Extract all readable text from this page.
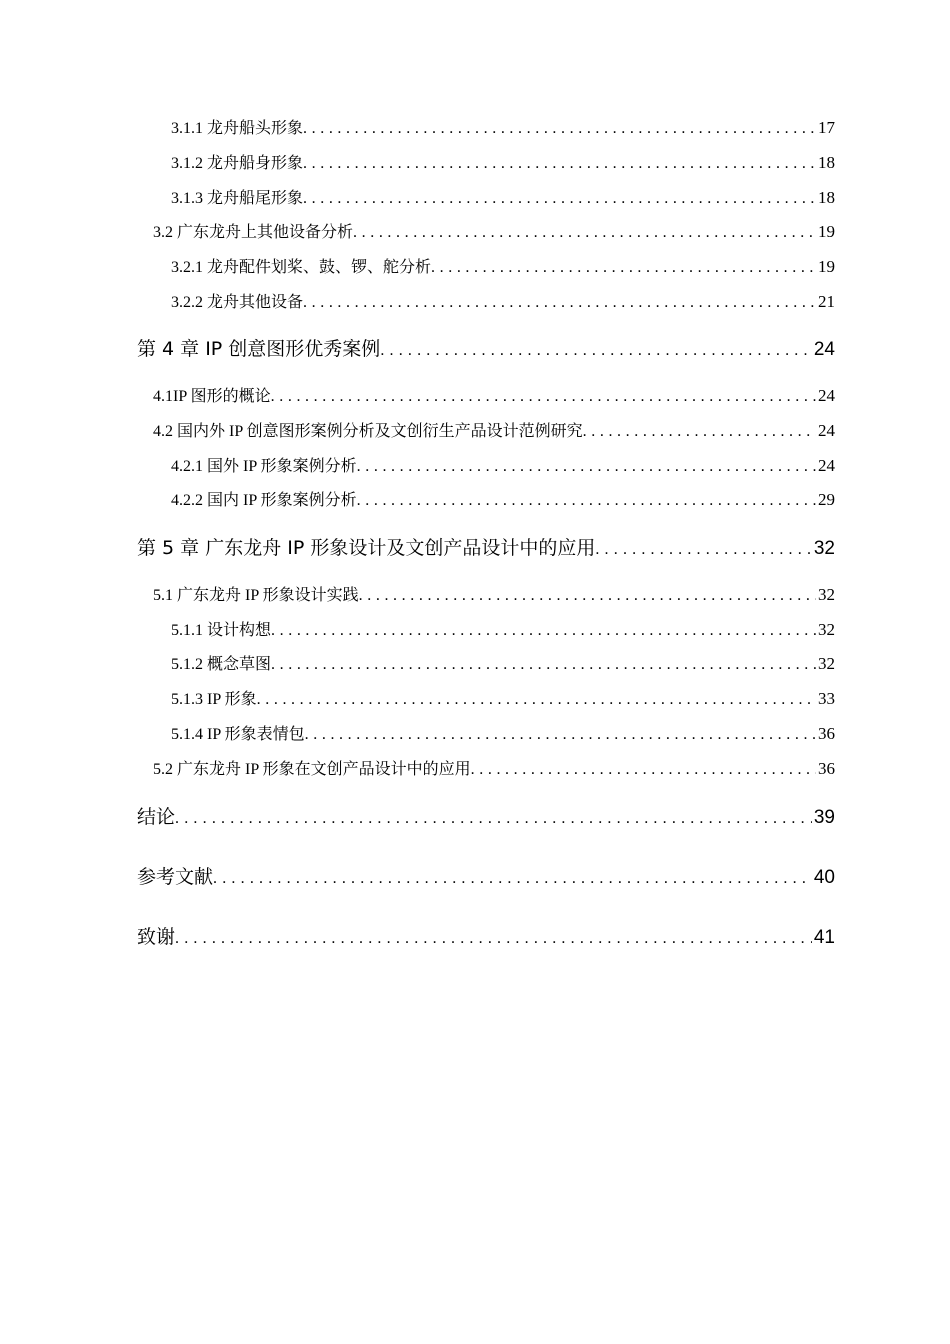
3.1.1 龙舟船头形象 .....	17
3.1.2 龙舟船身形象 .....	18
3.1.3 龙舟船尾形象 .....	18
3.2 广东龙舟上其他设备分析 .....	19
3.2.1 龙舟配件划桨、鼓、锣、舵分析 .....	19
3.2.2 龙舟其他设备 .....	21
第 4 章 IP 创意图形优秀案例 .....	24
4.1IP 图形的概论 .....	24
4.2 国内外 IP 创意图形案例分析及文创衍生产品设计范例研究 .....	24
4.2.1 国外 IP 形象案例分析 .....	24
4.2.2 国内 IP 形象案例分析 .....	29
第 5 章 广东龙舟 IP 形象设计及文创产品设计中的应用 .....	32
5.1 广东龙舟 IP 形象设计实践 .....	32
5.1.1 设计构想 .....	32
5.1.2 概念草图 .....	32
5.1.3 IP 形象 .....	33
5.1.4 IP 形象表情包 .....	36
5.2 广东龙舟 IP 形象在文创产品设计中的应用 .....	36
结论 .....	39
参考文献 .....	40
致谢 .....	41
